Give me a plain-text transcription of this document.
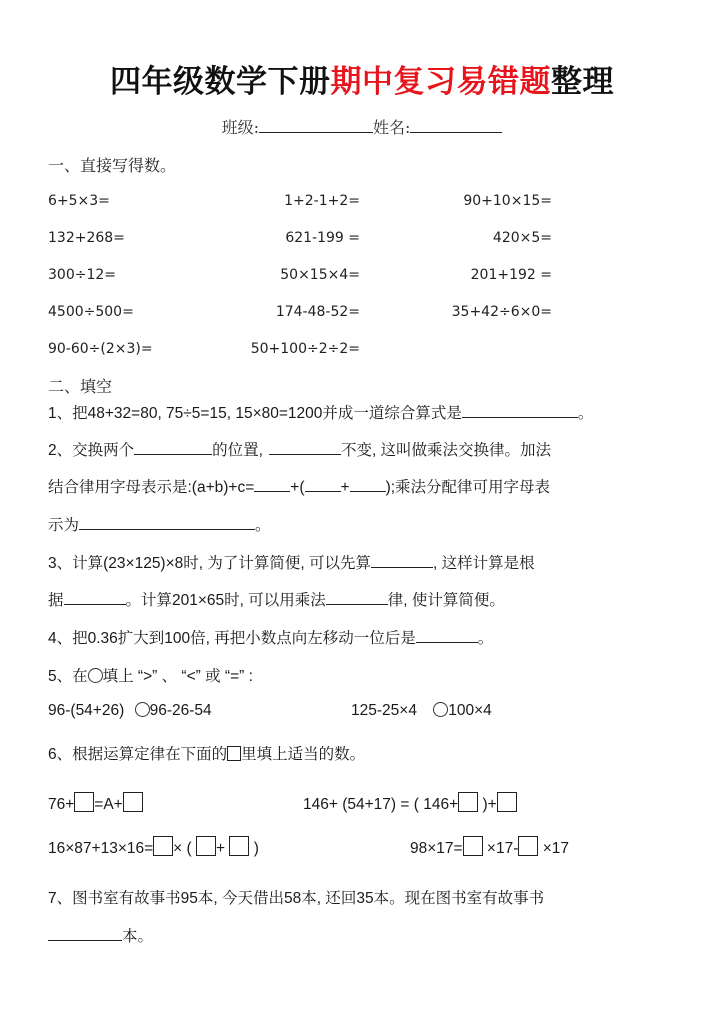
四年级数学下册期中复习易错题整理
班级:	姓名:
一、直接写得数。
6+5×3=	1+2-1+2=	90+10×15=
132+268=	621-199 =	420×5=
300÷12=	50×15×4=	201+192 =
4500÷500=	174-48-52=	35+42÷6×0=
90-60÷(2×3)=	50+100÷2÷2=
二、填空
1、把48+32=80, 75÷5=15, 15×80=1200并成一道综合算式是	。
2、交换两个	的位置,	不变, 这叫做乘法交换律。加法
结合律用字母表示是:(a+b)+c= +( + );乘法分配律可用字母表
示为	。
3、计算(23×125)×8时, 为了计算简便, 可以先算	, 这样计算是根
据	。计算201×65时, 可以用乘法	律, 使计算简便。
4、把0.36扩大到100倍, 再把小数点向左移动一位后是	。
5、在 填上 “>” 、 “<” 或 “=” :
96-(54+26) 96-26-54	125-25×4 100×4
6、根据运算定律在下面的 里填上适当的数。
76+ =A+	146+ (54+17) = ( 146+ )+
16×87+13×16= × ( + )	98×17= ×17- ×17
7、图书室有故事书95本, 今天借出58本, 还回35本。现在图书室有故事书
本。
